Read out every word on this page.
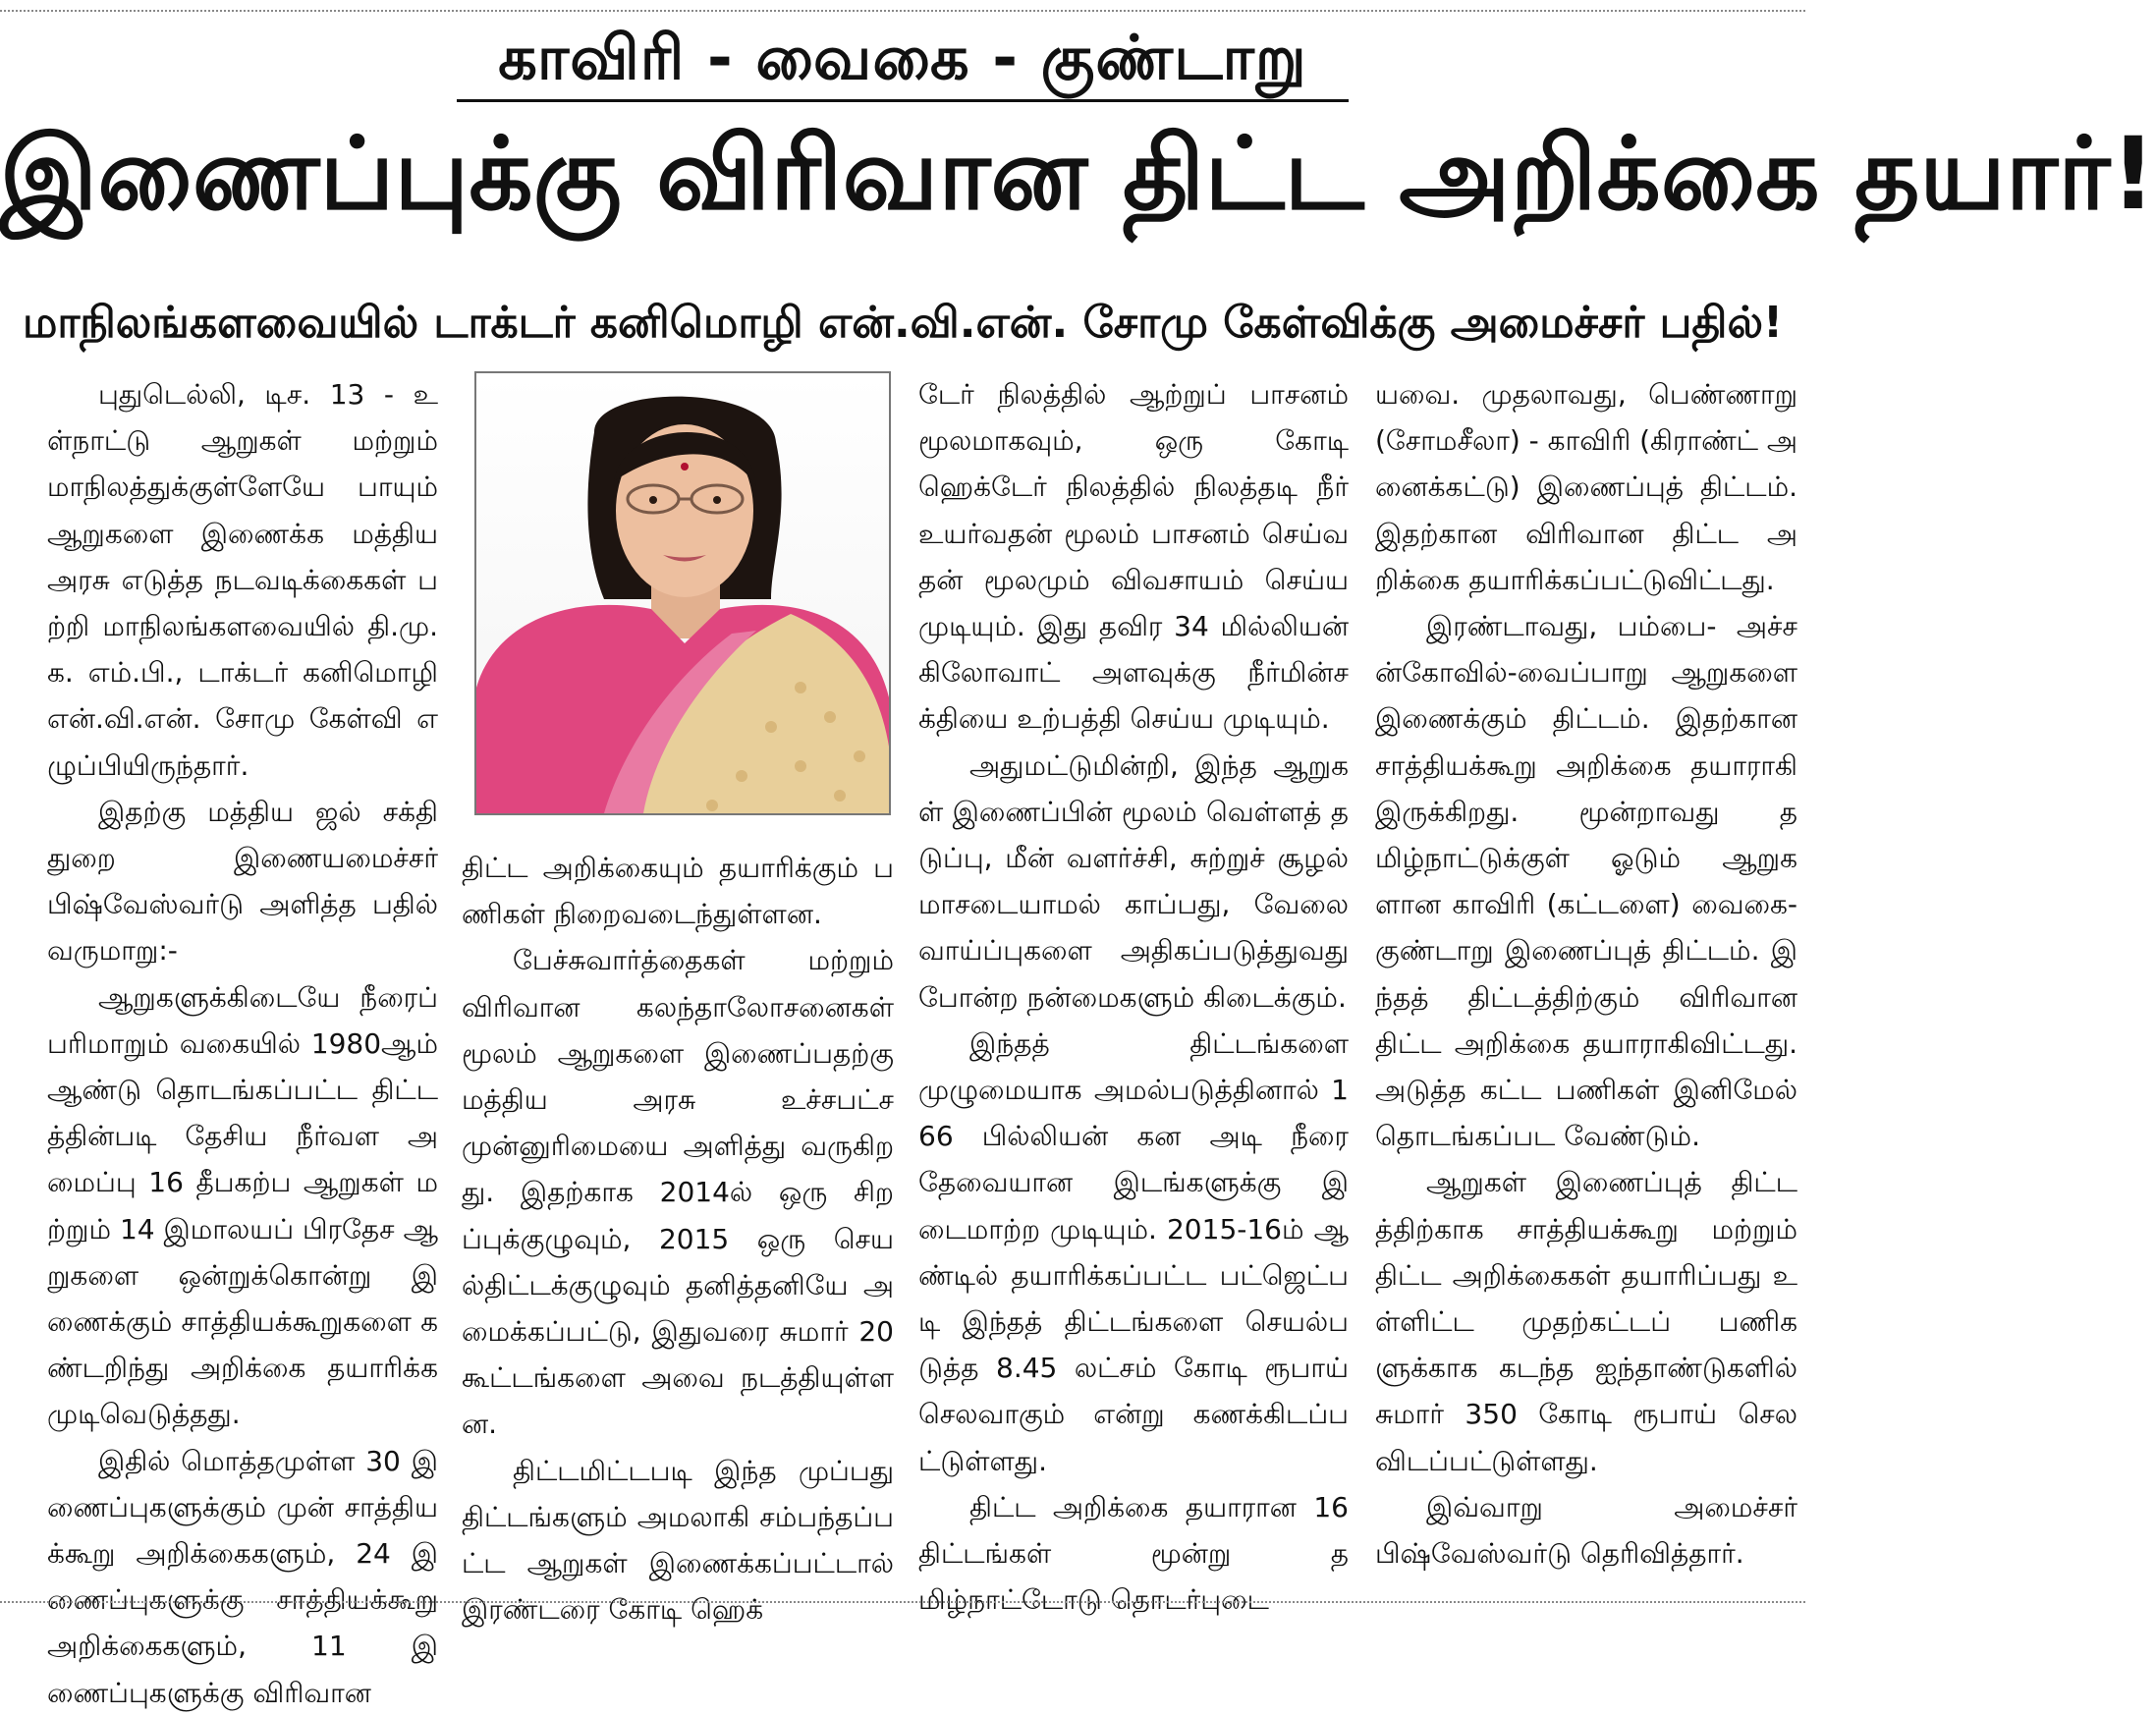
காவிரி - வைகை - குண்டாறு
இணைப்புக்கு விரிவான திட்ட அறிக்கை தயார்!
மாநிலங்களவையில் டாக்டர் கனிமொழி என்.வி.என். சோமு கேள்விக்கு அமைச்சர் பதில்!

புதுடெல்லி, டிச. 13 - உள்நாட்டு ஆறுகள் மற்றும் மாநிலத்துக்குள்ளேயே பாயும் ஆறுகளை இணைக்க மத்திய அரசு எடுத்த நடவடிக்கைகள் பற்றி மாநிலங்களவையில் தி.மு.க. எம்.பி., டாக்டர் கனிமொழி என்.வி.என். சோமு கேள்வி எழுப்பியிருந்தார்.

இதற்கு மத்திய ஜல் சக்தி துறை இணையமைச்சர் பிஷ்வேஸ்வர்டு அளித்த பதில் வருமாறு:-

ஆறுகளுக்கிடையே நீரைப் பரிமாறும் வகையில் 1980ஆம் ஆண்டு தொடங்கப்பட்ட திட்டத்தின்படி தேசிய நீர்வள அமைப்பு 16 தீபகற்ப ஆறுகள் மற்றும் 14 இமாலயப் பிரதேச ஆறுகளை ஒன்றுக்கொன்று இணைக்கும் சாத்தியக்கூறுகளை கண்டறிந்து அறிக்கை தயாரிக்க முடிவெடுத்தது.

இதில் மொத்தமுள்ள 30 இணைப்புகளுக்கும் முன் சாத்தியக்கூறு அறிக்கைகளும், 24 இணைப்புகளுக்கு சாத்தியக்கூறு அறிக்கைகளும், 11 இணைப்புகளுக்கு விரிவான

திட்ட அறிக்கையும் தயாரிக்கும் பணிகள் நிறைவடைந்துள்ளன.

பேச்சுவார்த்தைகள் மற்றும் விரிவான கலந்தாலோசனைகள் மூலம் ஆறுகளை இணைப்பதற்கு மத்திய அரசு உச்சபட்ச முன்னுரிமையை அளித்து வருகிறது. இதற்காக 2014ல் ஒரு சிறப்புக்குழுவும், 2015 ஒரு செயல்திட்டக்குழுவும் தனித்தனியே அமைக்கப்பட்டு, இதுவரை சுமார் 20 கூட்டங்களை அவை நடத்தியுள்ளன.

திட்டமிட்டபடி இந்த முப்பது திட்டங்களும் அமலாகி சம்பந்தப்பட்ட ஆறுகள் இணைக்கப்பட்டால் இரண்டரை கோடி ஹெக்

டேர் நிலத்தில் ஆற்றுப் பாசனம் மூலமாகவும், ஒரு கோடி ஹெக்டேர் நிலத்தில் நிலத்தடி நீர் உயர்வதன் மூலம் பாசனம் செய்வதன் மூலமும் விவசாயம் செய்ய முடியும். இது தவிர 34 மில்லியன் கிலோவாட் அளவுக்கு நீர்மின்சக்தியை உற்பத்தி செய்ய முடியும்.

அதுமட்டுமின்றி, இந்த ஆறுகள் இணைப்பின் மூலம் வெள்ளத் தடுப்பு, மீன் வளர்ச்சி, சுற்றுச் சூழல் மாசடையாமல் காப்பது, வேலை வாய்ப்புகளை அதிகப்படுத்துவது போன்ற நன்மைகளும் கிடைக்கும்.

இந்தத் திட்டங்களை முழுமையாக அமல்படுத்தினால் 166 பில்லியன் கன அடி நீரை தேவையான இடங்களுக்கு இடைமாற்ற முடியும். 2015-16ம் ஆண்டில் தயாரிக்கப்பட்ட பட்ஜெட்படி இந்தத் திட்டங்களை செயல்படுத்த 8.45 லட்சம் கோடி ரூபாய் செலவாகும் என்று கணக்கிடப்பட்டுள்ளது.

திட்ட அறிக்கை தயாரான 16 திட்டங்கள் மூன்று தமிழ்நாட்டோடு தொடர்புடை

யவை. முதலாவது, பெண்ணாறு (சோமசீலா) - காவிரி (கிராண்ட் அனைக்கட்டு) இணைப்புத் திட்டம். இதற்கான விரிவான திட்ட அறிக்கை தயாரிக்கப்பட்டுவிட்டது.

இரண்டாவது, பம்பை- அச்சன்கோவில்-வைப்பாறு ஆறுகளை இணைக்கும் திட்டம். இதற்கான சாத்தியக்கூறு அறிக்கை தயாராகி இருக்கிறது. மூன்றாவது தமிழ்நாட்டுக்குள் ஓடும் ஆறுகளான காவிரி (கட்டளை) வைகை- குண்டாறு இணைப்புத் திட்டம். இந்தத் திட்டத்திற்கும் விரிவான திட்ட அறிக்கை தயாராகிவிட்டது. அடுத்த கட்ட பணிகள் இனிமேல் தொடங்கப்பட வேண்டும்.

ஆறுகள் இணைப்புத் திட்டத்திற்காக சாத்தியக்கூறு மற்றும் திட்ட அறிக்கைகள் தயாரிப்பது உள்ளிட்ட முதற்கட்டப் பணிகளுக்காக கடந்த ஐந்தாண்டுகளில் சுமார் 350 கோடி ரூபாய் செலவிடப்பட்டுள்ளது.

இவ்வாறு அமைச்சர் பிஷ்வேஸ்வர்டு தெரிவித்தார்.
